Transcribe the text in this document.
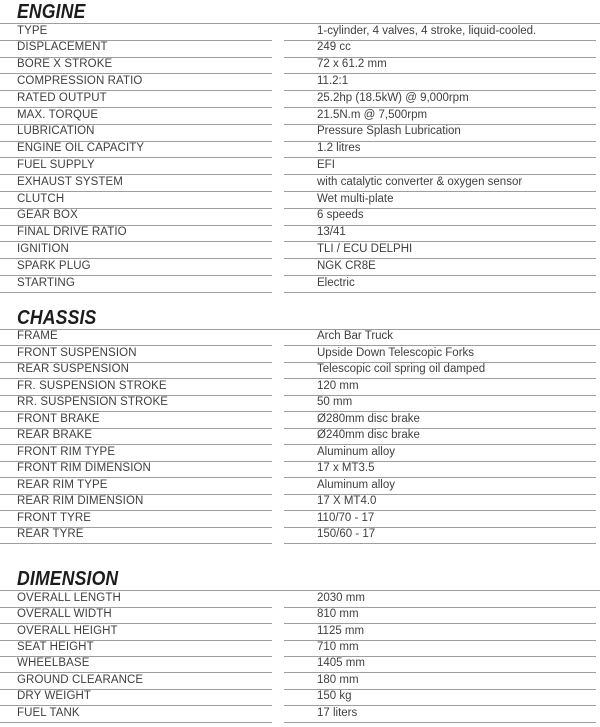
ENGINE
TYPE	1-cylinder, 4 valves, 4 stroke, liquid-cooled.
DISPLACEMENT	249 cc
BORE X STROKE	72 x 61.2 mm
COMPRESSION RATIO	11.2:1
RATED OUTPUT	25.2hp (18.5kW) @ 9,000rpm
MAX. TORQUE	21.5N.m @ 7,500rpm
LUBRICATION	Pressure Splash Lubrication
ENGINE OIL CAPACITY	1.2 litres
FUEL SUPPLY	EFI
EXHAUST SYSTEM	with catalytic converter & oxygen sensor
CLUTCH	Wet multi-plate
GEAR BOX	6 speeds
FINAL DRIVE RATIO	13/41
IGNITION	TLI / ECU DELPHI
SPARK PLUG	NGK CR8E
STARTING	Electric
CHASSIS
FRAME	Arch Bar Truck
FRONT SUSPENSION	Upside Down Telescopic Forks
REAR SUSPENSION	Telescopic coil spring oil damped
FR. SUSPENSION STROKE	120 mm
RR. SUSPENSION STROKE	50 mm
FRONT BRAKE	Ø280mm disc brake
REAR BRAKE	Ø240mm disc brake
FRONT RIM TYPE	Aluminum alloy
FRONT RIM DIMENSION	17 x MT3.5
REAR RIM TYPE	Aluminum alloy
REAR RIM DIMENSION	17 X MT4.0
FRONT TYRE	110/70 - 17
REAR TYRE	150/60 - 17
DIMENSION
OVERALL LENGTH	2030 mm
OVERALL WIDTH	810 mm
OVERALL HEIGHT	1125 mm
SEAT HEIGHT	710 mm
WHEELBASE	1405 mm
GROUND CLEARANCE	180 mm
DRY WEIGHT	150 kg
FUEL TANK	17 liters
